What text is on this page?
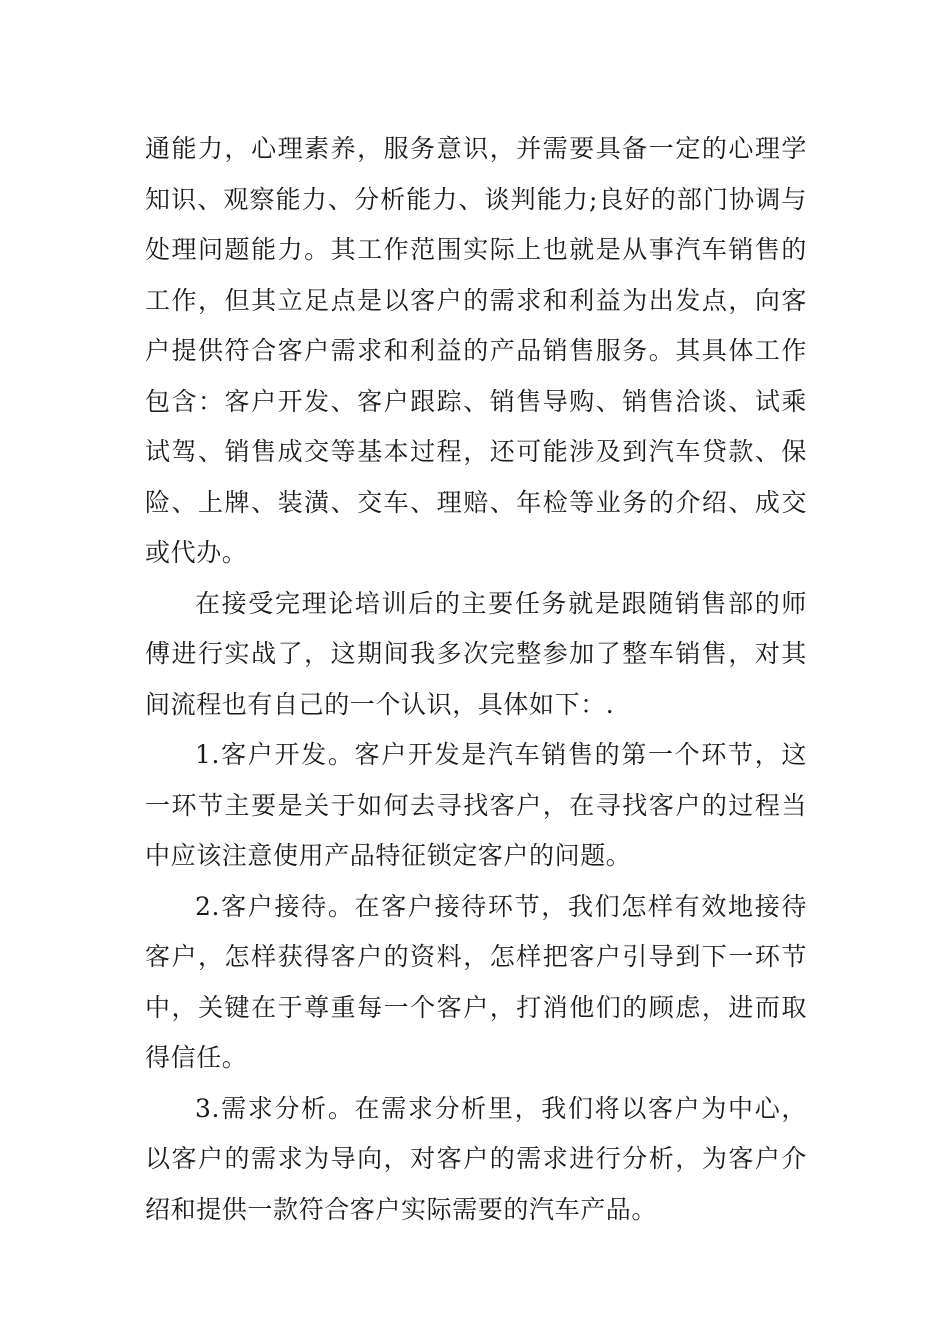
通能力，心理素养，服务意识，并需要具备一定的心理学知识、观察能力、分析能力、谈判能力;良好的部门协调与处理问题能力。其工作范围实际上也就是从事汽车销售的工作，但其立足点是以客户的需求和利益为出发点，向客户提供符合客户需求和利益的产品销售服务。其具体工作包含：客户开发、客户跟踪、销售导购、销售洽谈、试乘试驾、销售成交等基本过程，还可能涉及到汽车贷款、保险、上牌、装潢、交车、理赔、年检等业务的介绍、成交或代办。

在接受完理论培训后的主要任务就是跟随销售部的师傅进行实战了，这期间我多次完整参加了整车销售，对其间流程也有自己的一个认识，具体如下：.

1.客户开发。客户开发是汽车销售的第一个环节，这一环节主要是关于如何去寻找客户，在寻找客户的过程当中应该注意使用产品特征锁定客户的问题。

2.客户接待。在客户接待环节，我们怎样有效地接待客户，怎样获得客户的资料，怎样把客户引导到下一环节中，关键在于尊重每一个客户，打消他们的顾虑，进而取得信任。

3.需求分析。在需求分析里，我们将以客户为中心，以客户的需求为导向，对客户的需求进行分析，为客户介绍和提供一款符合客户实际需要的汽车产品。
